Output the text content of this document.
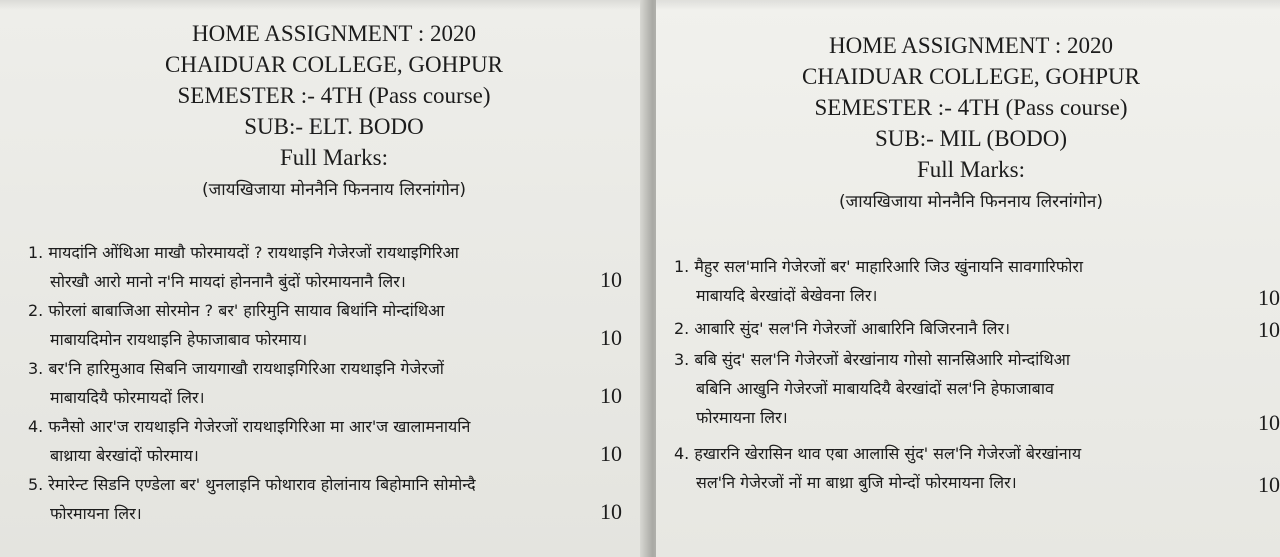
HOME ASSIGNMENT : 2020
CHAIDUAR COLLEGE, GOHPUR
SEMESTER :- 4TH (Pass course)
SUB:- ELT. BODO
Full Marks:
(जायखिजाया मोननैनि फिननाय लिरनांगोन)
1. मायदांनि ओंथिआ माखौ फोरमायदों ? रायथाइनि गेजेरजों रायथाइगिरिआ
सोरखौ आरो मानो न'नि मायदां होननानै बुंदों फोरमायनानै लिर।	10
2. फोरलां बाबाजिआ सोरमोन ? बर' हारिमुनि सायाव बिथांनि मोन्दांथिआ
माबायदिमोन रायथाइनि हेफाजाबाव फोरमाय।	10
3. बर'नि हारिमुआव सिबनि जायगाखौ रायथाइगिरिआ रायथाइनि गेजेरजों
माबायदियै फोरमायदों लिर।	10
4. फनैसो आर'ज रायथाइनि गेजेरजों रायथाइगिरिआ मा आर'ज खालामनायनि
बाथ्राया बेरखांदों फोरमाय।	10
5. रेमारेन्ट सिडनि एण्डेला बर' थुनलाइनि फोथाराव होलांनाय बिहोमानि सोमोन्दै
फोरमायना लिर।	10
HOME ASSIGNMENT : 2020
CHAIDUAR COLLEGE, GOHPUR
SEMESTER :- 4TH (Pass course)
SUB:- MIL (BODO)
Full Marks:
(जायखिजाया मोननैनि फिननाय लिरनांगोन)
1. मैहुर सल'मानि गेजेरजों बर' माहारिआरि जिउ खुंनायनि सावगारिफोरा
माबायदि बेरखांदों बेखेवना लिर।	10
2. आबारि सुंद' सल'नि गेजेरजों आबारिनि बिजिरनानै लिर।	10
3. बबि सुंद' सल'नि गेजेरजों बेरखांनाय गोसो सानस्रिआरि मोन्दांथिआ
बबिनि आखुनि गेजेरजों माबायदियै बेरखांदों सल'नि हेफाजाबाव
फोरमायना लिर।	10
4. हखारनि खेरासिन थाव एबा आलासि सुंद' सल'नि गेजेरजों बेरखांनाय
सल'नि गेजेरजों नों मा बाथ्रा बुजि मोन्दों फोरमायना लिर।	10
